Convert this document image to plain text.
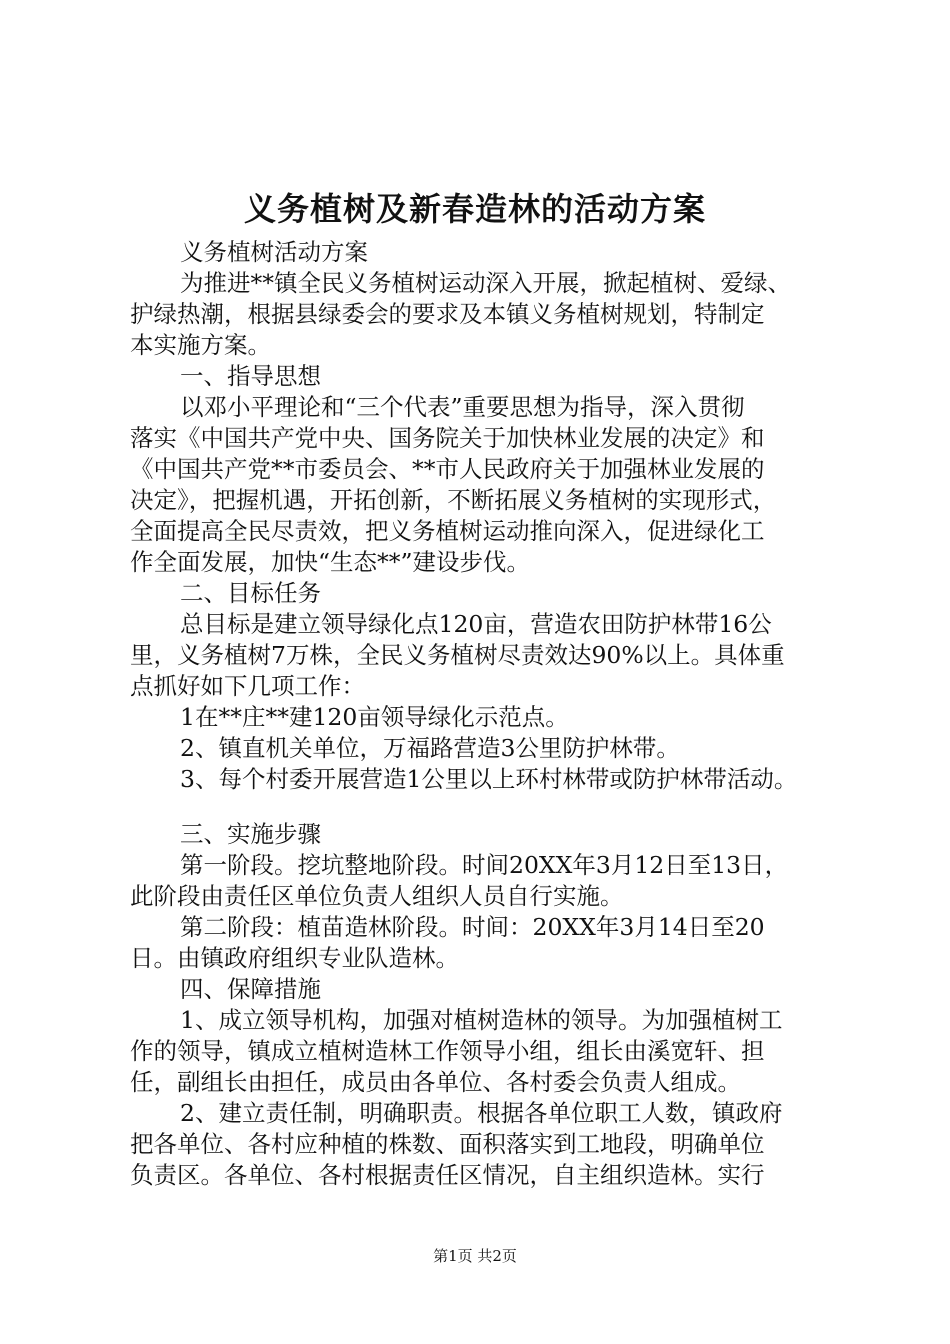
义务植树及新春造林的活动方案
义务植树活动方案
为推进**镇全民义务植树运动深入开展，掀起植树、爱绿、
护绿热潮，根据县绿委会的要求及本镇义务植树规划，特制定
本实施方案。
一、指导思想
以邓小平理论和“三个代表”重要思想为指导，深入贯彻
落实《中国共产党中央、国务院关于加快林业发展的决定》和
《中国共产党**市委员会、**市人民政府关于加强林业发展的
决定》，把握机遇，开拓创新，不断拓展义务植树的实现形式，
全面提高全民尽责效，把义务植树运动推向深入，促进绿化工
作全面发展，加快“生态**”建设步伐。
二、目标任务
总目标是建立领导绿化点120亩，营造农田防护林带16公
里，义务植树7万株，全民义务植树尽责效达90%以上。具体重
点抓好如下几项工作：
1在**庄**建120亩领导绿化示范点。
2、镇直机关单位，万福路营造3公里防护林带。
3、每个村委开展营造1公里以上环村林带或防护林带活动。
三、实施步骤
第一阶段。挖坑整地阶段。时间20XX年3月12日至13日，
此阶段由责任区单位负责人组织人员自行实施。
第二阶段：植苗造林阶段。时间：20XX年3月14日至20
日。由镇政府组织专业队造林。
四、保障措施
1、成立领导机构，加强对植树造林的领导。为加强植树工
作的领导，镇成立植树造林工作领导小组，组长由溪宽轩、担
任，副组长由担任，成员由各单位、各村委会负责人组成。
2、建立责任制，明确职责。根据各单位职工人数，镇政府
把各单位、各村应种植的株数、面积落实到工地段，明确单位
负责区。各单位、各村根据责任区情况，自主组织造林。实行
第1页 共2页
